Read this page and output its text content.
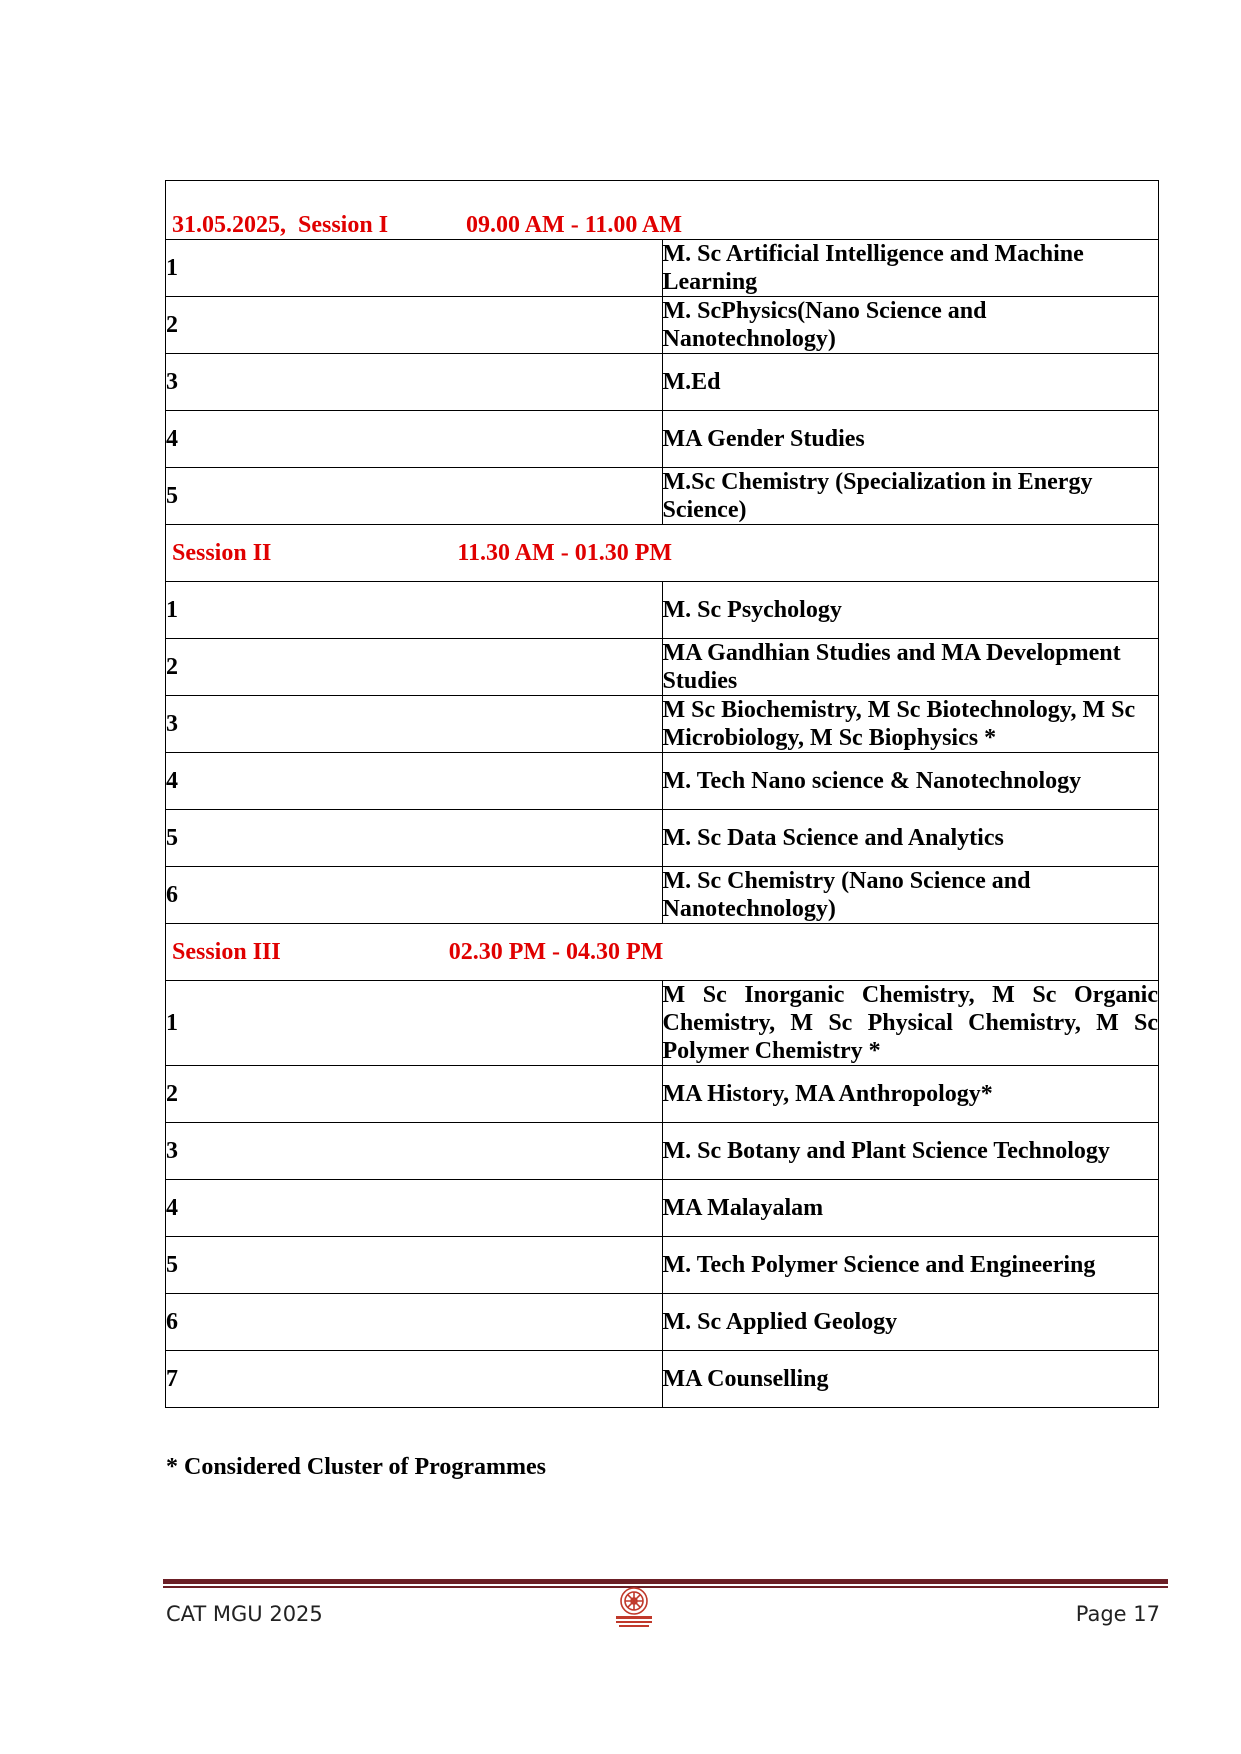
31.05.2025,  Session I 09.00 AM - 11.00 AM	
1	M. Sc Artificial Intelligence and Machine Learning
2	M. ScPhysics(Nano Science and Nanotechnology)
3	M.Ed
4	MA Gender Studies
5	M.Sc Chemistry (Specialization in Energy Science)
Session II 11.30 AM - 01.30 PM	
1	M. Sc Psychology
2	MA Gandhian Studies and MA Development Studies
3	M Sc Biochemistry, M Sc Biotechnology, M Sc Microbiology, M Sc Biophysics *
4	M. Tech Nano science & Nanotechnology
5	M. Sc Data Science and Analytics
6	M. Sc Chemistry (Nano Science and Nanotechnology)
Session III 02.30 PM - 04.30 PM	
1	M Sc Inorganic Chemistry, M Sc Organic Chemistry, M Sc Physical Chemistry, M Sc Polymer Chemistry *
2	MA History, MA Anthropology*
3	M. Sc Botany and Plant Science Technology
4	MA Malayalam
5	M. Tech Polymer Science and Engineering
6	M. Sc Applied Geology
7	MA Counselling
* Considered Cluster of Programmes
CAT MGU 2025	Page 17
